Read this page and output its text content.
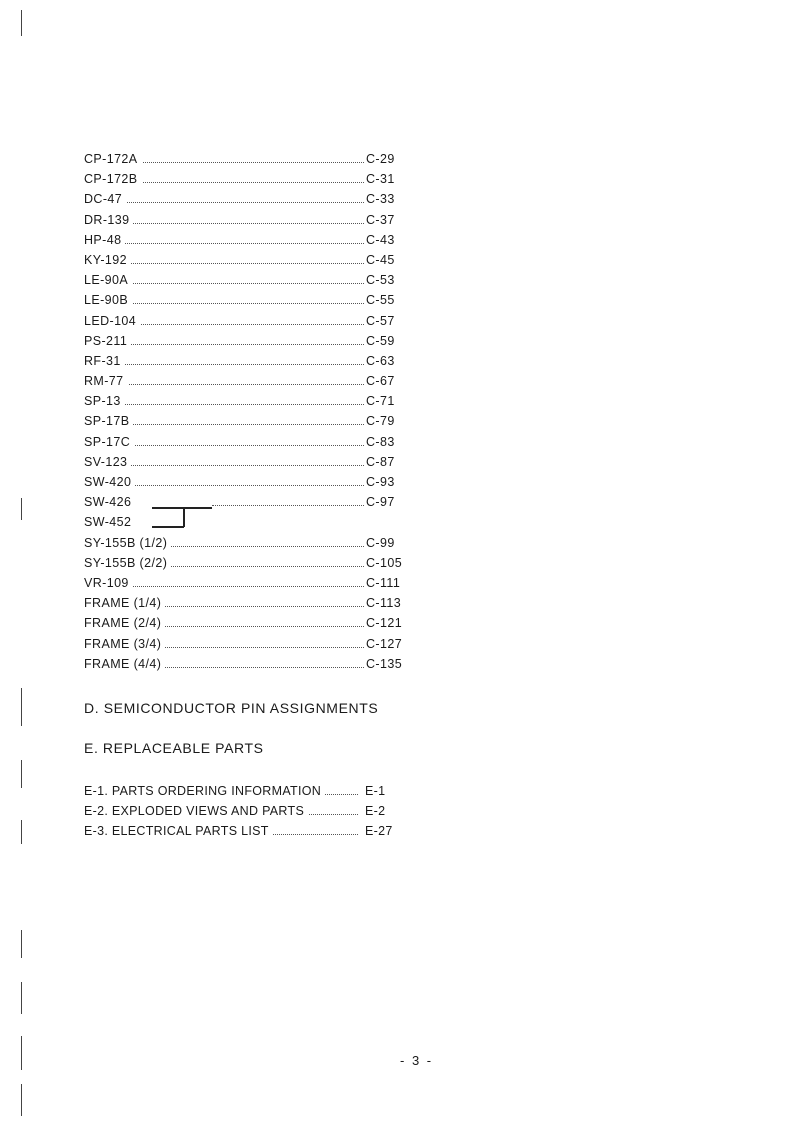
CP-172A	C-29
CP-172B	C-31
DC-47	C-33
DR-139	C-37
HP-48	C-43
KY-192	C-45
LE-90A	C-53
LE-90B	C-55
LED-104	C-57
PS-211	C-59
RF-31	C-63
RM-77	C-67
SP-13	C-71
SP-17B	C-79
SP-17C	C-83
SV-123	C-87
SW-420	C-93
SW-426	C-97
SW-452
SY-155B (1/2)	C-99
SY-155B (2/2)	C-105
VR-109	C-111
FRAME (1/4)	C-113
FRAME (2/4)	C-121
FRAME (3/4)	C-127
FRAME (4/4)	C-135
D. SEMICONDUCTOR PIN ASSIGNMENTS
E. REPLACEABLE PARTS
E-1. PARTS ORDERING INFORMATION	E-1
E-2. EXPLODED VIEWS AND PARTS	E-2
E-3. ELECTRICAL PARTS LIST	E-27
- 3 -
